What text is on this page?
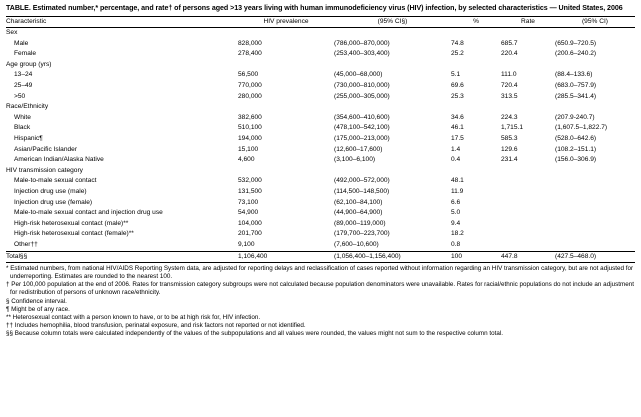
TABLE. Estimated number,* percentage, and rate† of persons aged >13 years living with human immunodeficiency virus (HIV) infection, by selected characteristics — United States, 2006
Characteristic	HIV prevalence	(95% CI§)	%	Rate	(95% CI)
Sex					
Male	828,000	(786,000–870,000)	74.8	685.7	(650.9–720.5)
Female	278,400	(253,400–303,400)	25.2	220.4	(200.6–240.2)
Age group (yrs)					
13–24	56,500	(45,000–68,000)	5.1	111.0	(88.4–133.6)
25–49	770,000	(730,000–810,000)	69.6	720.4	(683.0–757.9)
>50	280,000	(255,000–305,000)	25.3	313.5	(285.5–341.4)
Race/Ethnicity					
White	382,600	(354,600–410,600)	34.6	224.3	(207.9-240.7)
Black	510,100	(478,100–542,100)	46.1	1,715.1	(1,607.5–1,822.7)
Hispanic¶	194,000	(175,000–213,000)	17.5	585.3	(528.0–642.6)
Asian/Pacific Islander	15,100	(12,600–17,600)	1.4	129.6	(108.2–151.1)
American Indian/Alaska Native	4,600	(3,100–6,100)	0.4	231.4	(156.0–306.9)
HIV transmission category					
Male-to-male sexual contact	532,000	(492,000–572,000)	48.1		
Injection drug use (male)	131,500	(114,500–148,500)	11.9		
Injection drug use (female)	73,100	(62,100–84,100)	6.6		
Male-to-male sexual contact and injection drug use	54,900	(44,900–64,900)	5.0		
High-risk heterosexual contact (male)**	104,000	(89,000–119,000)	9.4		
High-risk heterosexual contact (female)**	201,700	(179,700–223,700)	18.2		
Other††	9,100	(7,600–10,600)	0.8		
Total§§	1,106,400	(1,056,400–1,156,400)	100	447.8	(427.5–468.0)
* Estimated numbers, from national HIV/AIDS Reporting System data, are adjusted for reporting delays and reclassification of cases reported without information regarding an HIV transmission category, but are not adjusted for underreporting. Estimates are rounded to the nearest 100.
† Per 100,000 population at the end of 2006. Rates for transmission category subgroups were not calculated because population denominators were unavailable. Rates for racial/ethnic populations do not include an adjustment for redistribution of persons of unknown race/ethnicity.
§ Confidence interval.
¶ Might be of any race.
** Heterosexual contact with a person known to have, or to be at high risk for, HIV infection.
†† Includes hemophilia, blood transfusion, perinatal exposure, and risk factors not reported or not identified.
§§ Because column totals were calculated independently of the values of the subpopulations and all values were rounded, the values might not sum to the respective column total.
